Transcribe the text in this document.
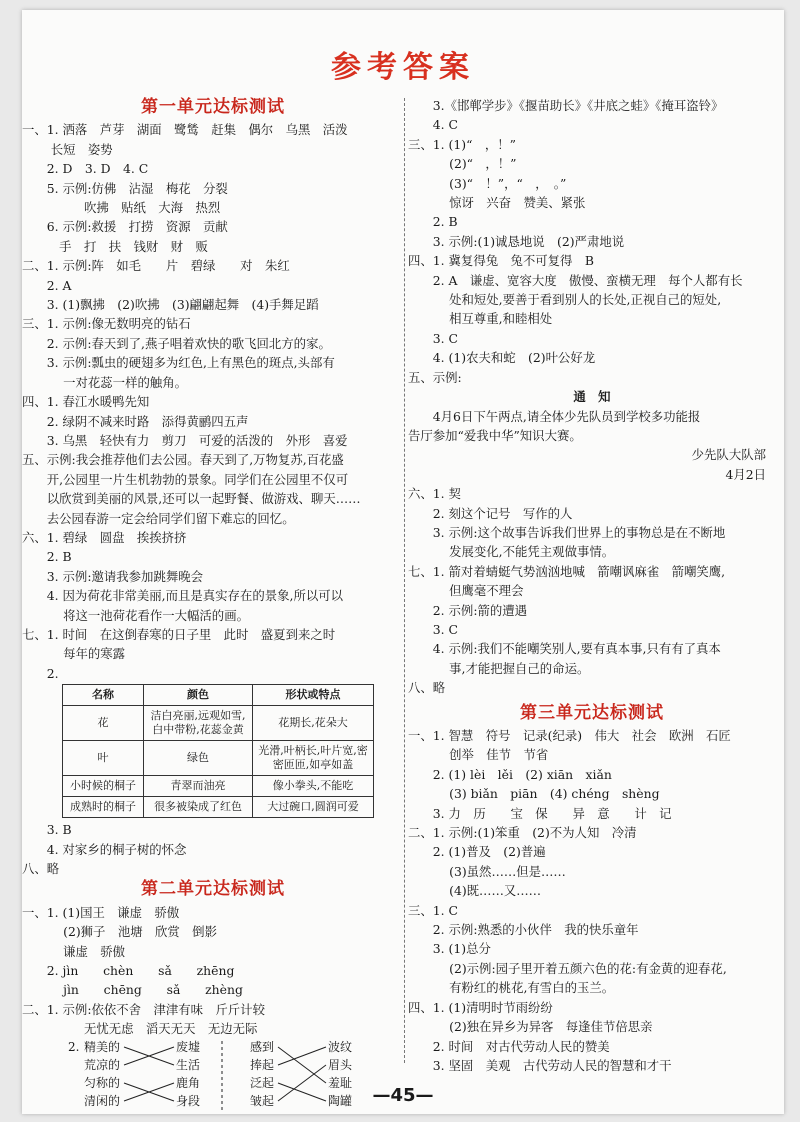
参考答案
第一单元达标测试
一、1. 洒落　芦芽　湖面　鹭鸶　赶集　偶尔　乌黑　活泼
　　 长短　姿势
　　2. D　3. D　4. C
　　5. 示例:仿佛　沾湿　梅花　分裂
　　　　　吹拂　贴纸　大海　热烈
　　6. 示例:救援　打捞　资源　贡献
　　　手　打　扶　钱财　财　贩
二、1. 示例:阵　如毛　　片　碧绿　　对　朱红
　　2. A
　　3. (1)飘拂　(2)吹拂　(3)翩翩起舞　(4)手舞足蹈
三、1. 示例:像无数明亮的钻石
　　2. 示例:春天到了,燕子唱着欢快的歌飞回北方的家。
　　3. 示例:瓢虫的硬翅多为红色,上有黑色的斑点,头部有
　　　 一对花蕊一样的触角。
四、1. 春江水暖鸭先知
　　2. 绿阴不减来时路　添得黄鹂四五声
　　3. 乌黑　轻快有力　剪刀　可爱的活泼的　外形　喜爱
五、示例:我会推荐他们去公园。春天到了,万物复苏,百花盛
　　开,公园里一片生机勃勃的景象。同学们在公园里不仅可
　　以欣赏到美丽的风景,还可以一起野餐、做游戏、聊天……
　　去公园春游一定会给同学们留下难忘的回忆。
六、1. 碧绿　圆盘　挨挨挤挤
　　2. B
　　3. 示例:邀请我参加跳舞晚会
　　4. 因为荷花非常美丽,而且是真实存在的景象,所以可以
　　　 将这一池荷花看作一大幅活的画。
七、1. 时间　在这倒春寒的日子里　此时　盛夏到来之时
　　　 每年的寒露
　　2.
名称	颜色	形状或特点
花	洁白亮丽,远观如雪,白中带粉,花蕊金黄	花期长,花朵大
叶	绿色	光滑,叶柄长,叶片宽,密密匝匝,如亭如盖
小时候的桐子	青翠而油亮	像小拳头,不能吃
成熟时的桐子	很多被染成了红色	大过碗口,圆润可爱
　　3. B
　　4. 对家乡的桐子树的怀念
八、略
第二单元达标测试
一、1. (1)国王　谦虚　骄傲
　　　 (2)狮子　池塘　欣赏　倒影
　　　 谦虚　骄傲
　　2. jìn　　chèn　　sǎ　　zhēng
　　　 jìn　　chēng　　sǎ　　zhèng
二、1. 示例:依依不舍　津津有味　斤斤计较
　　　　　无忧无虑　滔天无天　无边无际
2. 精美的
荒凉的
匀称的
清闲的
废墟
生活
鹿角
身段
感到
捧起
泛起
皱起
波纹
眉头
羞耻
陶罐
　　3.《邯郸学步》《揠苗助长》《井底之蛙》《掩耳盗铃》
　　4. C
三、1. (1)“　，！”
　　　 (2)“　，！”
　　　 (3)“　！”，“　，　。”
　　　 惊讶　兴奋　赞美、紧张
　　2. B
　　3. 示例:(1)诚恳地说　(2)严肃地说
四、1. 冀复得兔　兔不可复得　B
　　2. A　谦虚、宽容大度　傲慢、蛮横无理　每个人都有长
　　　 处和短处,要善于看到别人的长处,正视自己的短处,
　　　 相互尊重,和睦相处
　　3. C
　　4. (1)农夫和蛇　(2)叶公好龙
五、示例:
通　知
　　4月6日下午两点,请全体少先队员到学校多功能报
告厅参加“爱我中华”知识大赛。
少先队大队部
4月2日
六、1. 契
　　2. 刻这个记号　写作的人
　　3. 示例:这个故事告诉我们世界上的事物总是在不断地
　　　 发展变化,不能凭主观做事情。
七、1. 箭对着蜻蜓气势汹汹地喊　箭嘲讽麻雀　箭嘲笑鹰,
　　　 但鹰毫不理会
　　2. 示例:箭的遭遇
　　3. C
　　4. 示例:我们不能嘲笑别人,要有真本事,只有有了真本
　　　 事,才能把握自己的命运。
八、略
第三单元达标测试
一、1. 智慧　符号　记录(纪录)　伟大　社会　欧洲　石匠
　　　 创举　佳节　节省
　　2. (1) lèi　lěi　(2) xiān　xiǎn
　　　 (3) biǎn　piān　(4) chéng　shèng
　　3. 力　历　　宝　保　　异　意　　计　记
二、1. 示例:(1)笨重　(2)不为人知　冷清
　　2. (1)普及　(2)普遍
　　　 (3)虽然……但是……
　　　 (4)既……又……
三、1. C
　　2. 示例:熟悉的小伙伴　我的快乐童年
　　3. (1)总分
　　　 (2)示例:园子里开着五颜六色的花:有金黄的迎春花,
　　　 有粉红的桃花,有雪白的玉兰。
四、1. (1)清明时节雨纷纷
　　　 (2)独在异乡为异客　每逢佳节倍思亲
　　2. 时间　对古代劳动人民的赞美
　　3. 坚固　美观　古代劳动人民的智慧和才干
—45—
